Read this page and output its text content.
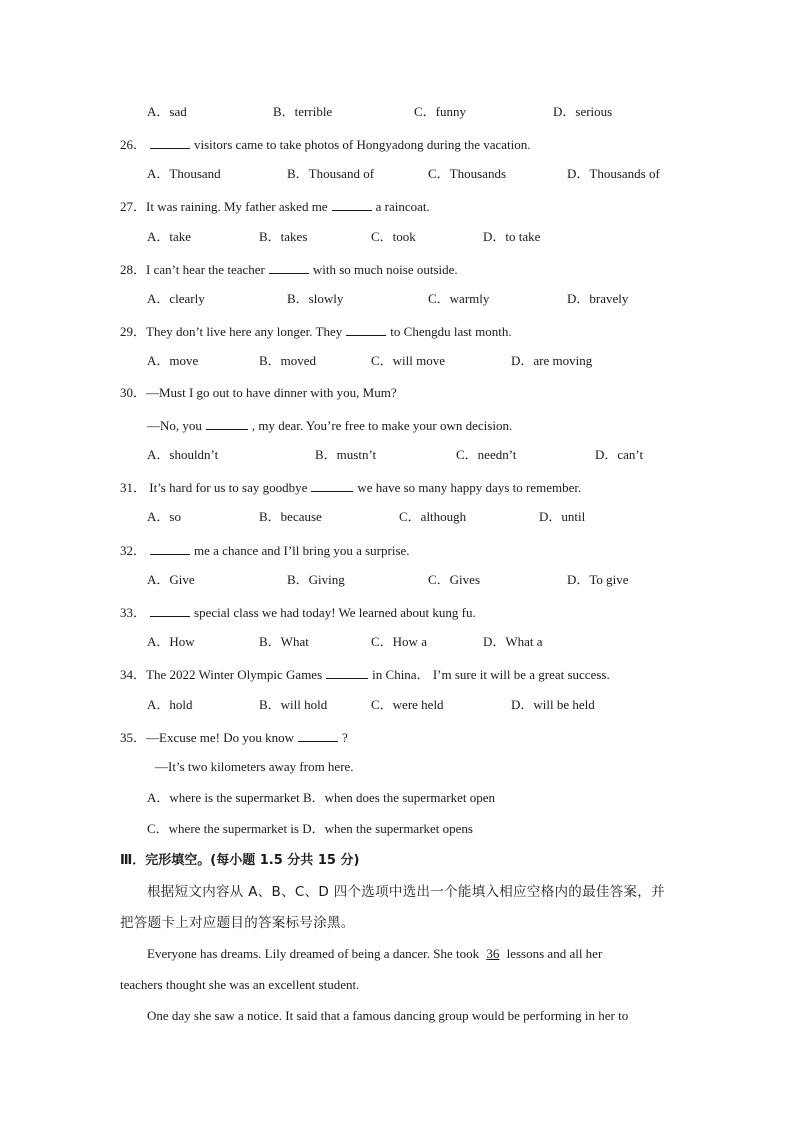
A．sad	B．terrible	C．funny	D．serious
26．	visitors came to take photos of Hongyadong during the vacation.
A．Thousand	B．Thousand of	C．Thousands	D．Thousands of
27．It was raining. My father asked me	a raincoat.
A．take	B．takes	C．took	D．to take
28．I can’t hear the teacher	with so much noise outside.
A．clearly	B．slowly	C．warmly	D．bravely
29．They don’t live here any longer. They	to Chengdu last month.
A．move	B．moved	C．will move	D．are moving
30．—Must I go out to have dinner with you, Mum?
—No, you	, my dear. You’re free to make your own decision.
A．shouldn’t	B．mustn’t	C．needn’t	D．can’t
31． It’s hard for us to say goodbye	we have so many happy days to remember.
A．so	B．because	C．although	D．until
32．	me a chance and I’ll bring you a surprise.
A．Give	B．Giving	C．Gives	D．To give
33．	special class we had today! We learned about kung fu.
A．How	B．What	C．How a	D．What a
34．The 2022 Winter Olympic Games	in China． I’m sure it will be a great success.
A．hold	B．will hold	C．were held	D．will be held
35．—Excuse me! Do you know	?
—It’s two kilometers away from here.
A．where is the supermarket B．when does the supermarket open
C．where the supermarket is D．when the supermarket opens
Ⅲ．完形填空。(每小题 1.5 分共 15 分)
根据短文内容从 A、B、C、D 四个选项中选出一个能填入相应空格内的最佳答案，并
把答题卡上对应题目的答案标号涂黑。
Everyone has dreams. Lily dreamed of being a dancer. She took 36 lessons and all her
teachers thought she was an excellent student.
One day she saw a notice. It said that a famous dancing group would be performing in her to
